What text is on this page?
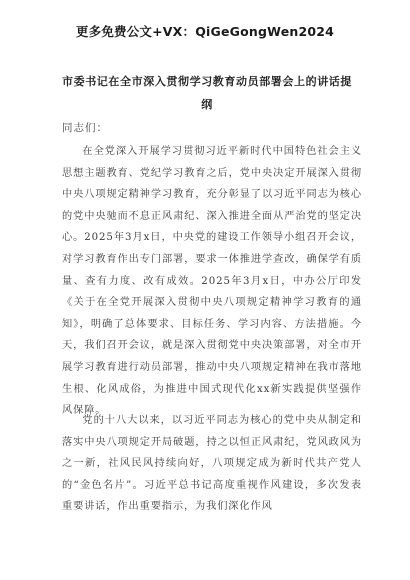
更多免费公文+VX：QiGeGongWen2024
市委书记在全市深入贯彻学习教育动员部署会上的讲话提纲
同志们：

在全党深入开展学习贯彻习近平新时代中国特色社会主义思想主题教育、党纪学习教育之后，党中央决定开展深入贯彻中央八项规定精神学习教育，充分彰显了以习近平同志为核心的党中央驰而不息正风肃纪、深入推进全面从严治党的坚定决心。2025年3月x日，中央党的建设工作领导小组召开会议，对学习教育作出专门部署，要求一体推进学查改，确保学有质量、查有力度、改有成效。2025年3月x日，中办公厅印发《关于在全党开展深入贯彻中央八项规定精神学习教育的通知》，明确了总体要求、目标任务、学习内容、方法措施。今天，我们召开会议，就是深入贯彻党中央决策部署，对全市开展学习教育进行动员部署，推动中央八项规定精神在我市落地生根、化风成俗，为推进中国式现代化xx新实践提供坚强作风保障。

党的十八大以来，以习近平同志为核心的党中央从制定和落实中央八项规定开局破题，持之以恒正风肃纪，党风政风为之一新，社风民风持续向好，八项规定成为新时代共产党人的“金色名片”。习近平总书记高度重视作风建设，多次发表重要讲话，作出重要指示，为我们深化作风
